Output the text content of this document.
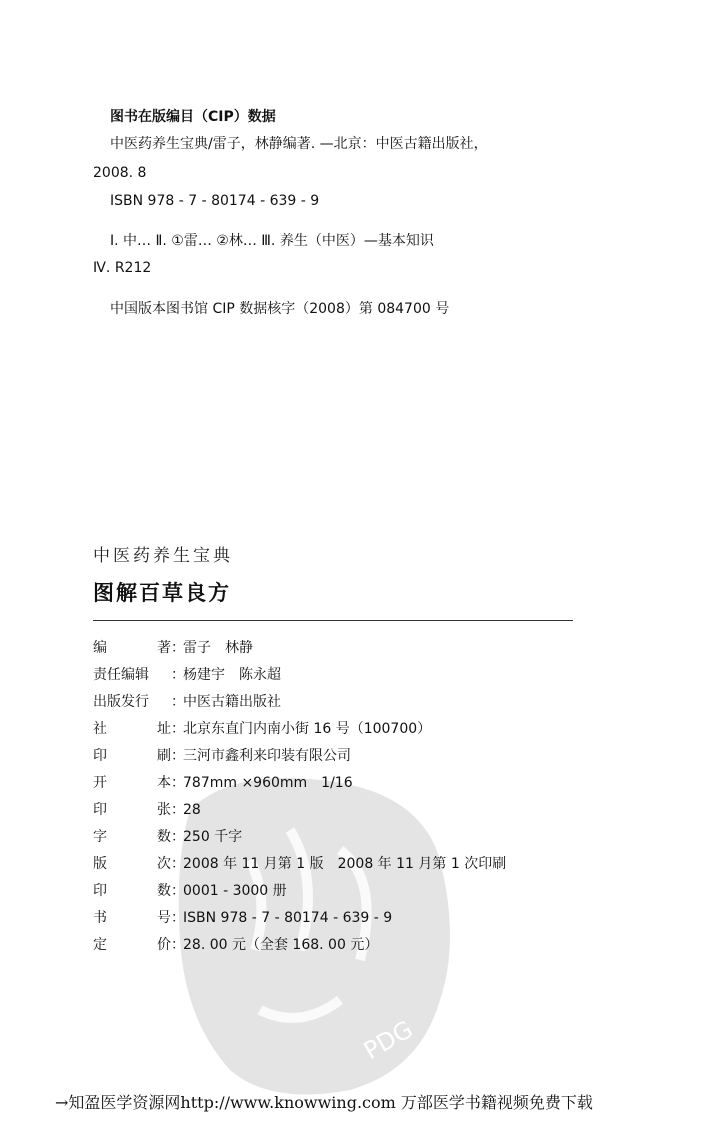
PDG
图书在版编目（CIP）数据
中医药养生宝典/雷子，林静编著. —北京：中医古籍出版社，
2008. 8
ISBN 978 - 7 - 80174 - 639 - 9
Ⅰ. 中… Ⅱ. ①雷… ②林… Ⅲ. 养生（中医）—基本知识
Ⅳ. R212
中国版本图书馆 CIP 数据核字（2008）第 084700 号
中医药养生宝典
图解百草良方
编	著 ：雷子　林静
责任编辑 ：杨建宇　陈永超
出版发行 ：中医古籍出版社
社	址 ：北京东直门内南小街 16 号（100700）
印	刷 ：三河市鑫利来印装有限公司
开	本 ：787mm ×960mm　1/16
印	张 ：28
字	数 ：250 千字
版	次 ：2008 年 11 月第 1 版　2008 年 11 月第 1 次印刷
印	数 ：0001 - 3000 册
书	号 ：ISBN 978 - 7 - 80174 - 639 - 9
定	价 ：28. 00 元（全套 168. 00 元）
→知盈医学资源网http://www.knowwing.com 万部医学书籍视频免费下载
